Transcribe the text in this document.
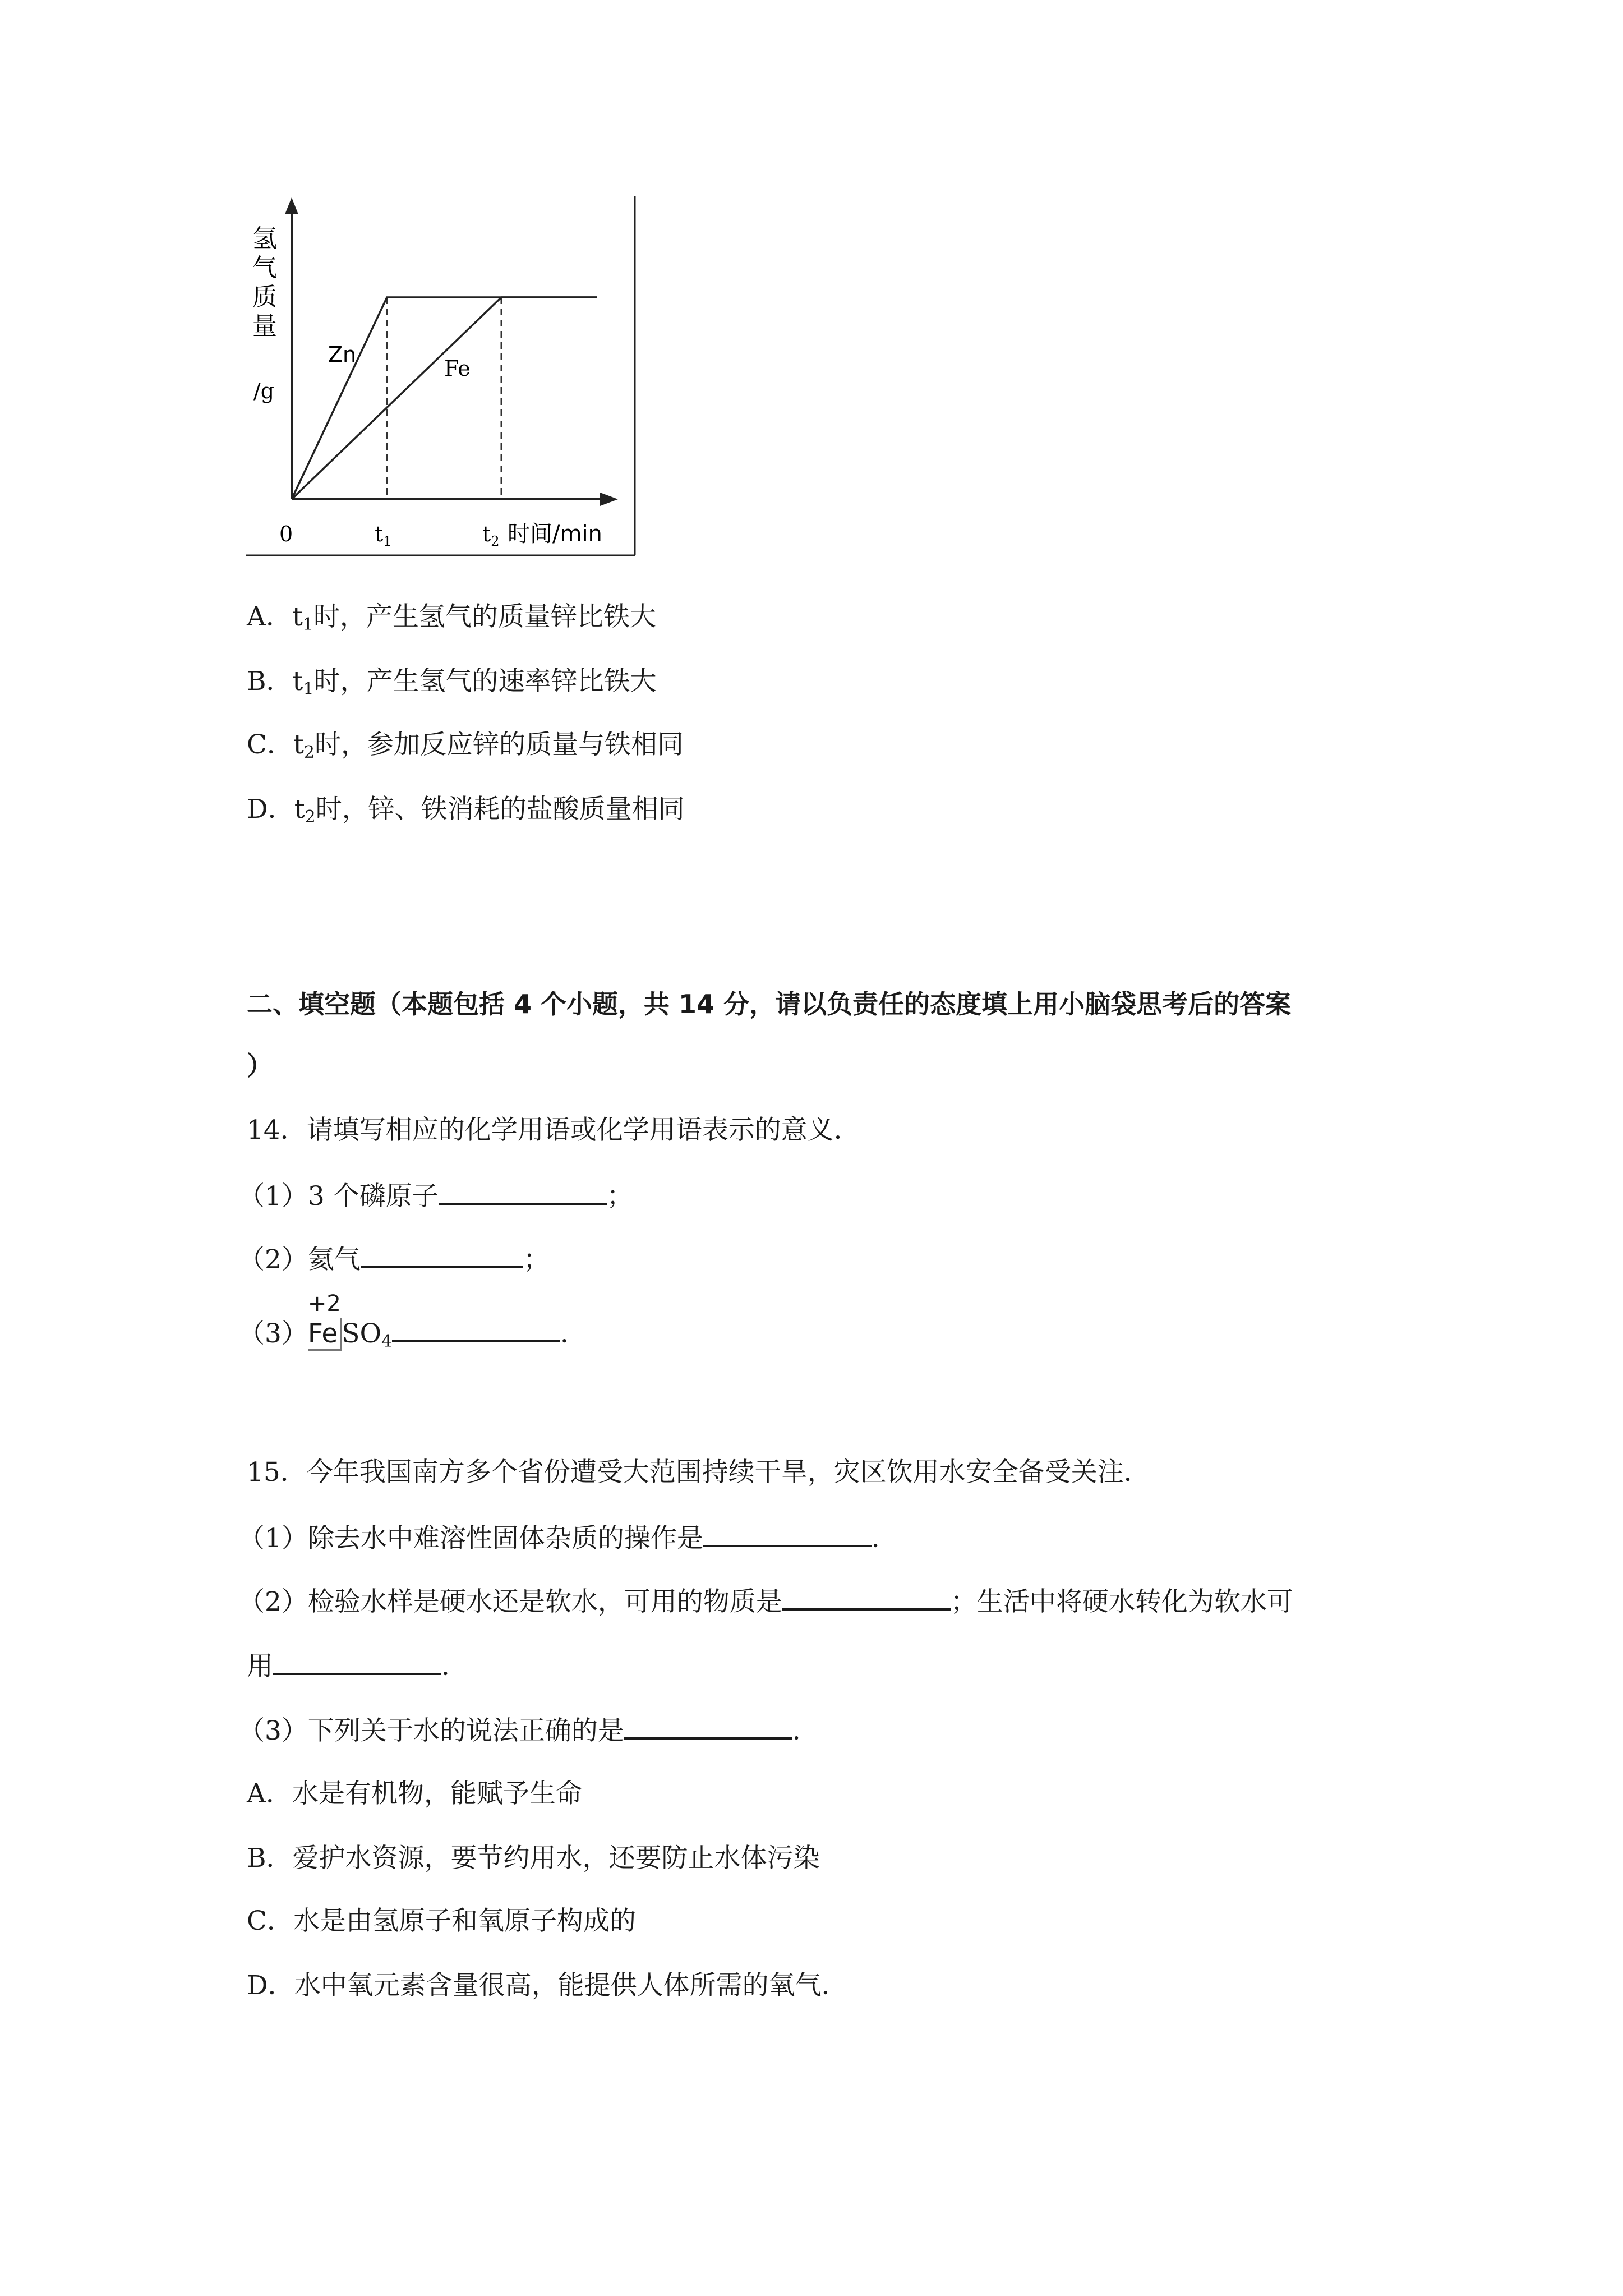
氢
气
质
量
/g
0	$t_1$	$t_2$ 时间/min
Zn
Fe
A．$t_1$时，产生氢气的质量锌比铁大
B．$t_1$时，产生氢气的速率锌比铁大
C．$t_2$时，参加反应锌的质量与铁相同
D．$t_2$时，锌、铁消耗的盐酸质量相同
二、填空题（本题包括 4 个小题，共 14 分，请以负责任的态度填上用小脑袋思考后的答案
）
14．请填写相应的化学用语或化学用语表示的意义．
（1）3 个磷原子	；
（2）氦气	；
（3）
+2
Fe $SO_4$	．
15．今年我国南方多个省份遭受大范围持续干旱，灾区饮用水安全备受关注．
（1）除去水中难溶性固体杂质的操作是	．
（2）检验水样是硬水还是软水，可用的物质是	；生活中将硬水转化为软水可
用	．
（3）下列关于水的说法正确的是	．
A．水是有机物，能赋予生命
B．爱护水资源，要节约用水，还要防止水体污染
C．水是由氢原子和氧原子构成的
D．水中氧元素含量很高，能提供人体所需的氧气．
